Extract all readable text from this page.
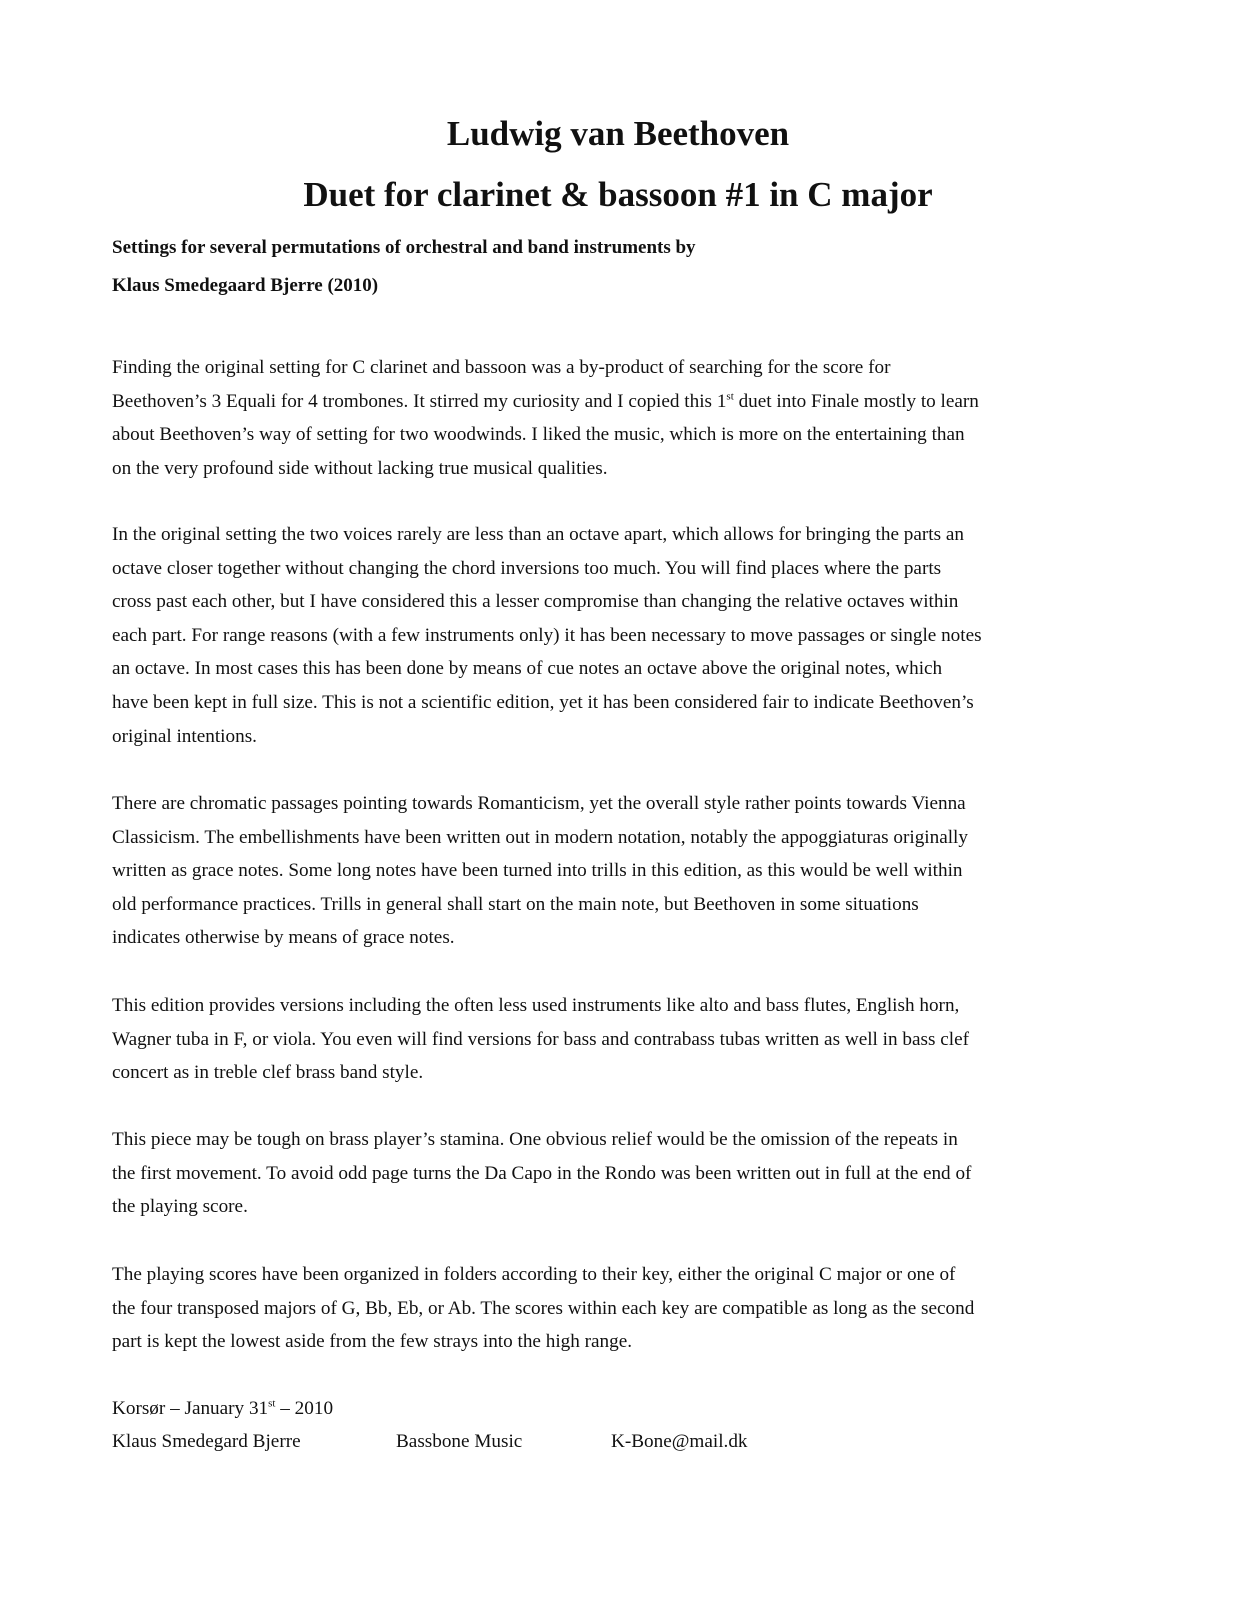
Ludwig van Beethoven
Duet for clarinet & bassoon #1 in C major

Settings for several permutations of orchestral and band instruments by

Klaus Smedegaard Bjerre (2010)

Finding the original setting for C clarinet and bassoon was a by-product of searching for the score for
Beethoven’s 3 Equali for 4 trombones. It stirred my curiosity and I copied this 1st duet into Finale mostly to learn
about Beethoven’s way of setting for two woodwinds. I liked the music, which is more on the entertaining than
on the very profound side without lacking true musical qualities.
In the original setting the two voices rarely are less than an octave apart, which allows for bringing the parts an
octave closer together without changing the chord inversions too much. You will find places where the parts
cross past each other, but I have considered this a lesser compromise than changing the relative octaves within
each part. For range reasons (with a few instruments only) it has been necessary to move passages or single notes
an octave. In most cases this has been done by means of cue notes an octave above the original notes, which
have been kept in full size. This is not a scientific edition, yet it has been considered fair to indicate Beethoven’s
original intentions.
There are chromatic passages pointing towards Romanticism, yet the overall style rather points towards Vienna
Classicism. The embellishments have been written out in modern notation, notably the appoggiaturas originally
written as grace notes. Some long notes have been turned into trills in this edition, as this would be well within
old performance practices. Trills in general shall start on the main note, but Beethoven in some situations
indicates otherwise by means of grace notes.
This edition provides versions including the often less used instruments like alto and bass flutes, English horn,
Wagner tuba in F, or viola. You even will find versions for bass and contrabass tubas written as well in bass clef
concert as in treble clef brass band style.
This piece may be tough on brass player’s stamina. One obvious relief would be the omission of the repeats in
the first movement. To avoid odd page turns the Da Capo in the Rondo was been written out in full at the end of
the playing score.
The playing scores have been organized in folders according to their key, either the original C major or one of
the four transposed majors of G, Bb, Eb, or Ab. The scores within each key are compatible as long as the second
part is kept the lowest aside from the few strays into the high range.
Korsør – January 31st – 2010
Klaus Smedegard Bjerre	Bassbone Music	K-Bone@mail.dk
